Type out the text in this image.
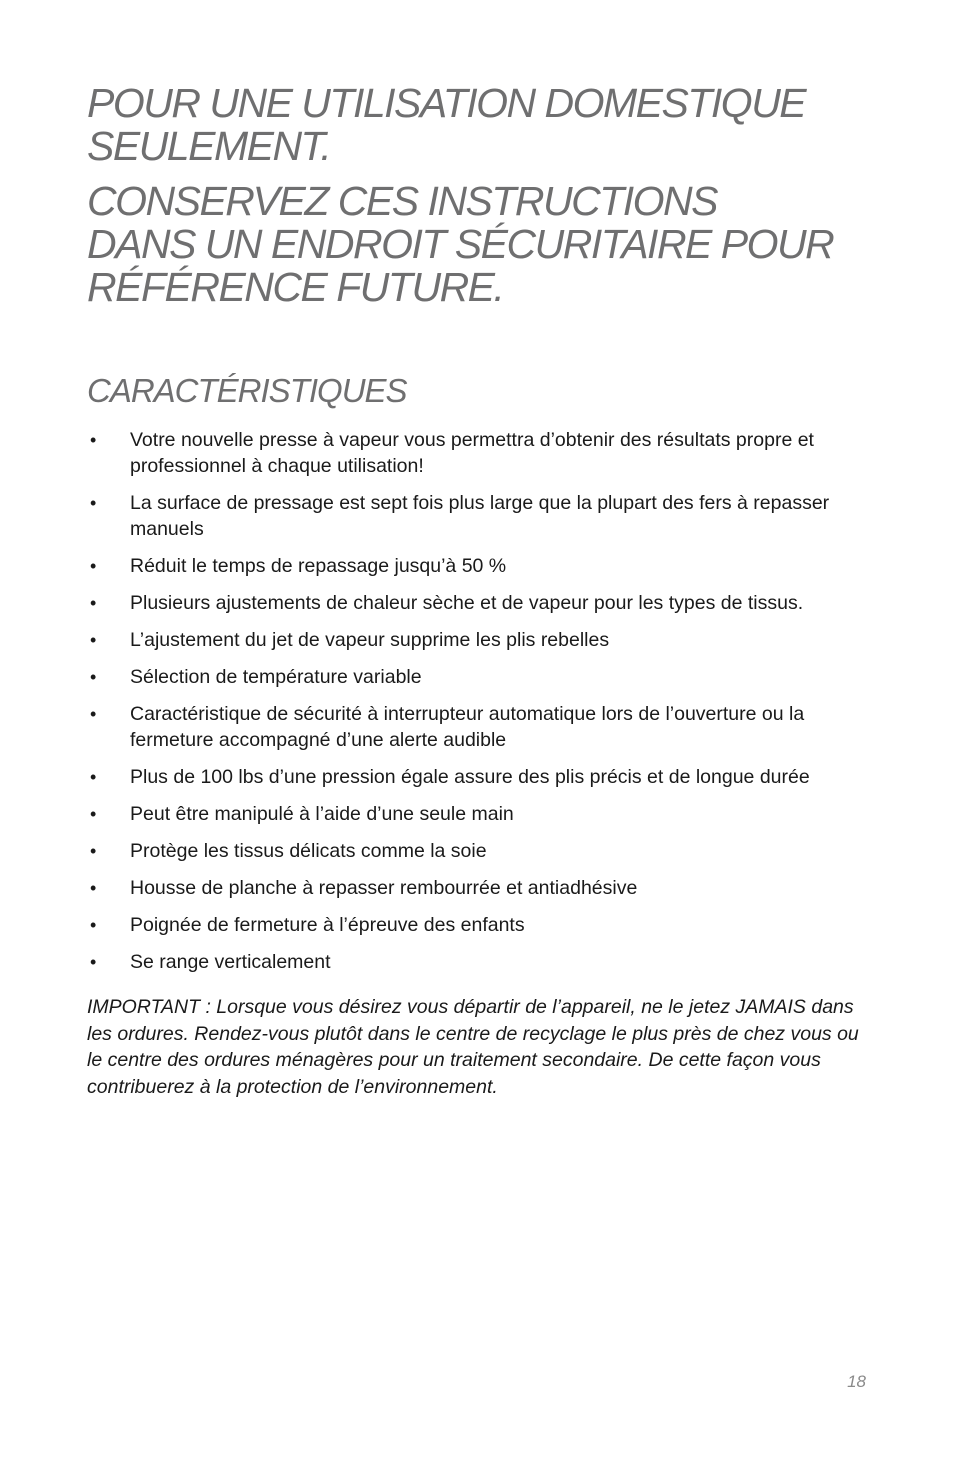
POUR UNE UTILISATION DOMESTIQUE
SEULEMENT.
CONSERVEZ CES INSTRUCTIONS
DANS UN ENDROIT SÉCURITAIRE POUR
RÉFÉRENCE FUTURE.
CARACTÉRISTIQUES
• Votre nouvelle presse à vapeur vous permettra d’obtenir des résultats propre et professionnel à chaque utilisation!
• La surface de pressage est sept fois plus large que la plupart des fers à repasser manuels
• Réduit le temps de repassage jusqu’à 50 %
• Plusieurs ajustements de chaleur sèche et de vapeur pour les types de tissus.
• L’ajustement du jet de vapeur supprime les plis rebelles
• Sélection de température variable
• Caractéristique de sécurité à interrupteur automatique lors de l’ouverture ou la fermeture accompagné d’une alerte audible
• Plus de 100 lbs d’une pression égale assure des plis précis et de longue durée
• Peut être manipulé à l’aide d’une seule main
• Protège les tissus délicats comme la soie
• Housse de planche à repasser rembourrée et antiadhésive
• Poignée de fermeture à l’épreuve des enfants
• Se range verticalement

IMPORTANT : Lorsque vous désirez vous départir de l’appareil, ne le jetez JAMAIS dans les ordures. Rendez-vous plutôt dans le centre de recyclage le plus près de chez vous ou le centre des ordures ménagères pour un traitement secondaire. De cette façon vous contribuerez à la protection de l’environnement.

18
